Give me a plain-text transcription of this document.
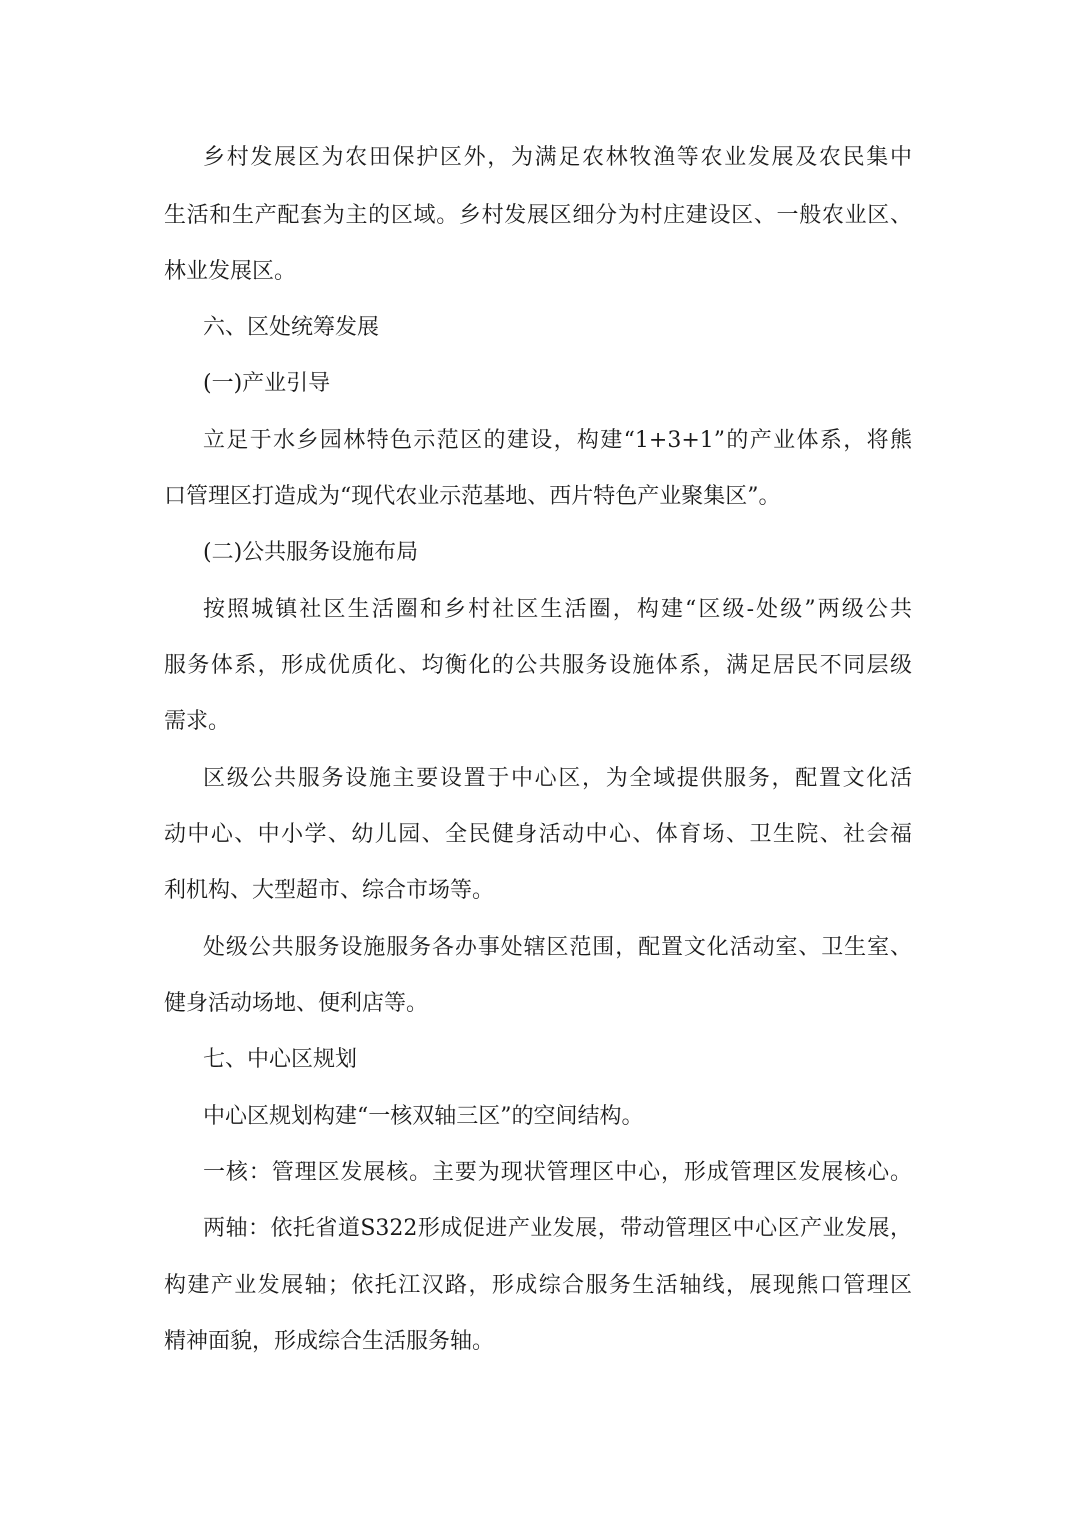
乡村发展区为农田保护区外，为满足农林牧渔等农业发展及农民集中
生活和生产配套为主的区域。乡村发展区细分为村庄建设区、一般农业区、
林业发展区。
六、区处统筹发展
(一)产业引导
立足于水乡园林特色示范区的建设，构建“1+3+1”的产业体系，将熊
口管理区打造成为“现代农业示范基地、西片特色产业聚集区”。
(二)公共服务设施布局
按照城镇社区生活圈和乡村社区生活圈，构建“区级-处级”两级公共
服务体系，形成优质化、均衡化的公共服务设施体系，满足居民不同层级
需求。
区级公共服务设施主要设置于中心区，为全域提供服务，配置文化活
动中心、中小学、幼儿园、全民健身活动中心、体育场、卫生院、社会福
利机构、大型超市、综合市场等。
处级公共服务设施服务各办事处辖区范围，配置文化活动室、卫生室、
健身活动场地、便利店等。
七、中心区规划
中心区规划构建“一核双轴三区”的空间结构。
一核：管理区发展核。主要为现状管理区中心，形成管理区发展核心。
两轴：依托省道S322形成促进产业发展，带动管理区中心区产业发展，
构建产业发展轴；依托江汉路，形成综合服务生活轴线，展现熊口管理区
精神面貌，形成综合生活服务轴。
